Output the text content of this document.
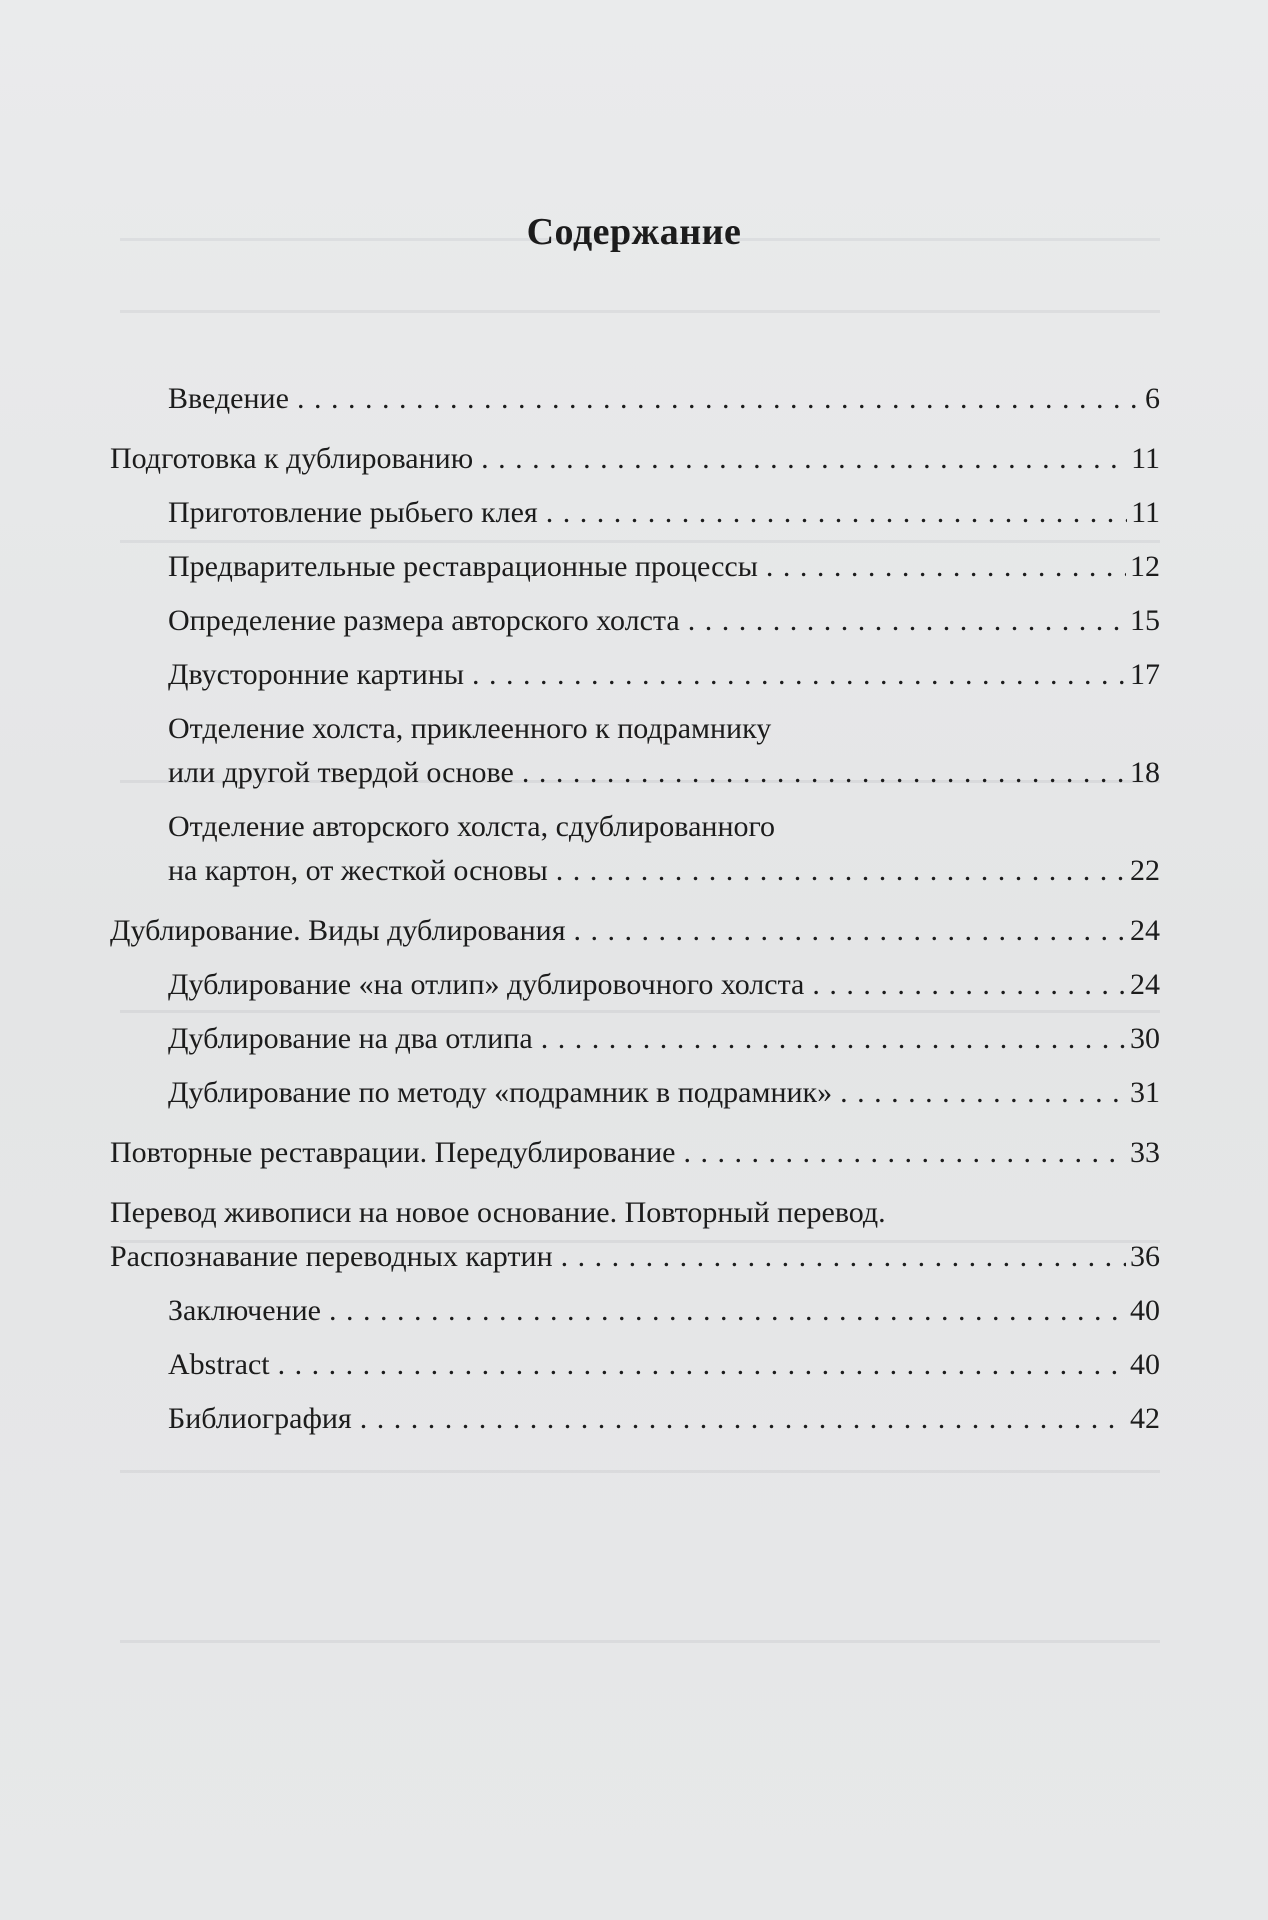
Содержание
Введение . . .	6
Подготовка к дублированию . . .	11
Приготовление рыбьего клея . . .	11
Предварительные реставрационные процессы . . .	12
Определение размера авторского холста . . .	15
Двусторонние картины . . .	17
Отделение холста, приклеенного к подрамнику
или другой твердой основе . . .	18
Отделение авторского холста, сдублированного
на картон, от жесткой основы . . .	22
Дублирование. Виды дублирования . . .	24
Дублирование «на отлип» дублировочного холста . . .	24
Дублирование на два отлипа . . .	30
Дублирование по методу «подрамник в подрамник» . . .	31
Повторные реставрации. Передублирование . . .	33
Перевод живописи на новое основание. Повторный перевод.
Распознавание переводных картин . . .	36
Заключение . . .	40
Abstract . . .	40
Библиография . . .	42
